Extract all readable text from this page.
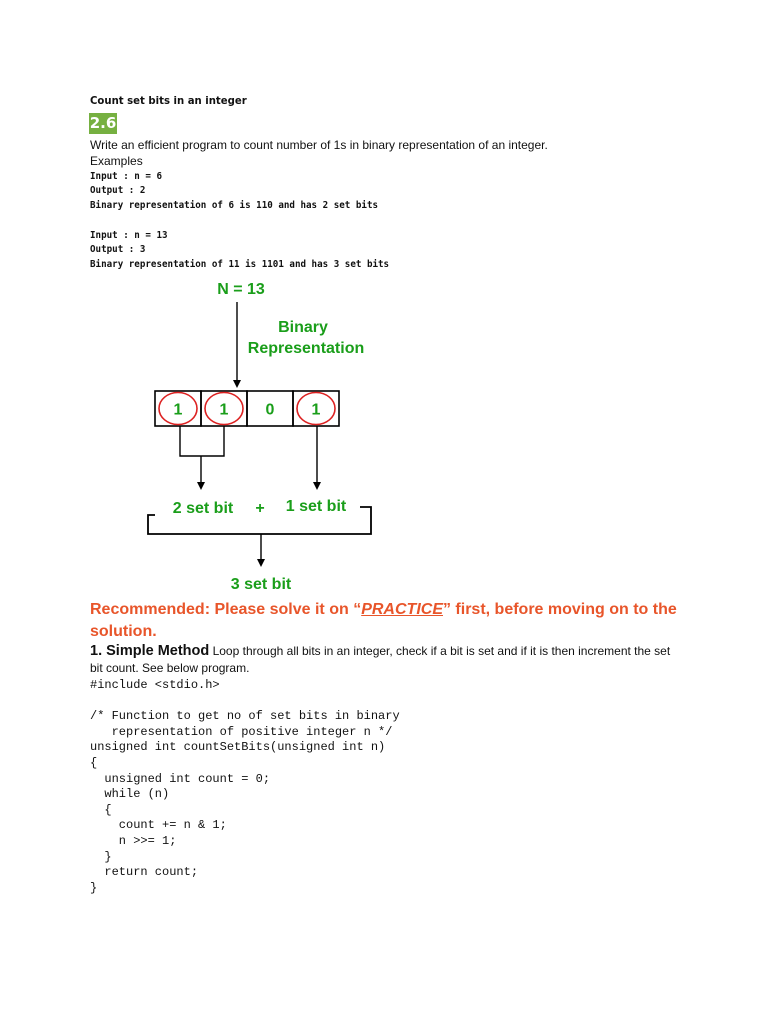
Count set bits in an integer
2.6
Write an efficient program to count number of 1s in binary representation of an integer.
Examples
Input : n = 6
Output : 2
Binary representation of 6 is 110 and has 2 set bits
Input : n = 13
Output : 3
Binary representation of 11 is 1101 and has 3 set bits
N = 13
Binary
Representation
1 1 0 1
2 set bit + 1 set bit
3 set bit
Recommended: Please solve it on “PRACTICE” first, before moving on to the solution.
1. Simple Method Loop through all bits in an integer, check if a bit is set and if it is then increment the set bit count. See below program.
#include <stdio.h>
/* Function to get no of set bits in binary
representation of positive integer n */
unsigned int countSetBits(unsigned int n)
{
unsigned int count = 0;
while (n)
{
count += n & 1;
n >>= 1;
}
return count;
}
